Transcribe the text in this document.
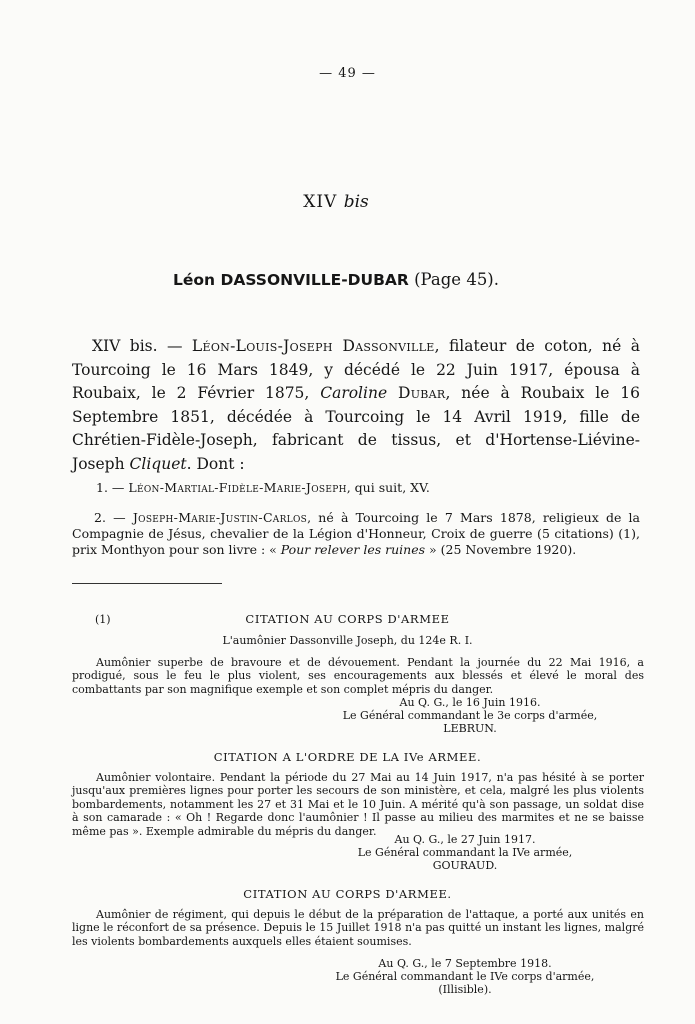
— 49 —
XIV bis
Léon DASSONVILLE-DUBAR (Page 45).
XIV bis. — Léon-Louis-Joseph Dassonville, filateur de coton, né à Tourcoing le 16 Mars 1849, y décédé le 22 Juin 1917, épousa à Roubaix, le 2 Février 1875, Caroline Dubar, née à Roubaix le 16 Septembre 1851, décédée à Tourcoing le 14 Avril 1919, fille de Chrétien-Fidèle-Joseph, fabricant de tissus, et d'Hortense-Liévine-Joseph Cliquet. Dont :
1. — Léon-Martial-Fidèle-Marie-Joseph, qui suit, XV.
2. — Joseph-Marie-Justin-Carlos, né à Tourcoing le 7 Mars 1878, religieux de la Compagnie de Jésus, chevalier de la Légion d'Honneur, Croix de guerre (5 citations) (1), prix Monthyon pour son livre : « Pour relever les ruines » (25 Novembre 1920).
(1)	CITATION AU CORPS D'ARMEE
L'aumônier Dassonville Joseph, du 124e R. I.
Aumônier superbe de bravoure et de dévouement. Pendant la journée du 22 Mai 1916, a prodigué, sous le feu le plus violent, ses encouragements aux blessés et élevé le moral des combattants par son magnifique exemple et son complet mépris du danger.
Au Q. G., le 16 Juin 1916.
Le Général commandant le 3e corps d'armée,
LEBRUN.
CITATION A L'ORDRE DE LA IVe ARMEE.
Aumônier volontaire. Pendant la période du 27 Mai au 14 Juin 1917, n'a pas hésité à se porter jusqu'aux premières lignes pour porter les secours de son ministère, et cela, malgré les plus violents bombardements, notamment les 27 et 31 Mai et le 10 Juin. A mérité qu'à son passage, un soldat dise à son camarade : « Oh ! Regarde donc l'aumônier ! Il passe au milieu des marmites et ne se baisse même pas ». Exemple admirable du mépris du danger.
Au Q. G., le 27 Juin 1917.
Le Général commandant la IVe armée,
GOURAUD.
CITATION AU CORPS D'ARMEE.
Aumônier de régiment, qui depuis le début de la préparation de l'attaque, a porté aux unités en ligne le réconfort de sa présence. Depuis le 15 Juillet 1918 n'a pas quitté un instant les lignes, malgré les violents bombardements auxquels elles étaient soumises.
Au Q. G., le 7 Septembre 1918.
Le Général commandant le IVe corps d'armée,
(Illisible).
